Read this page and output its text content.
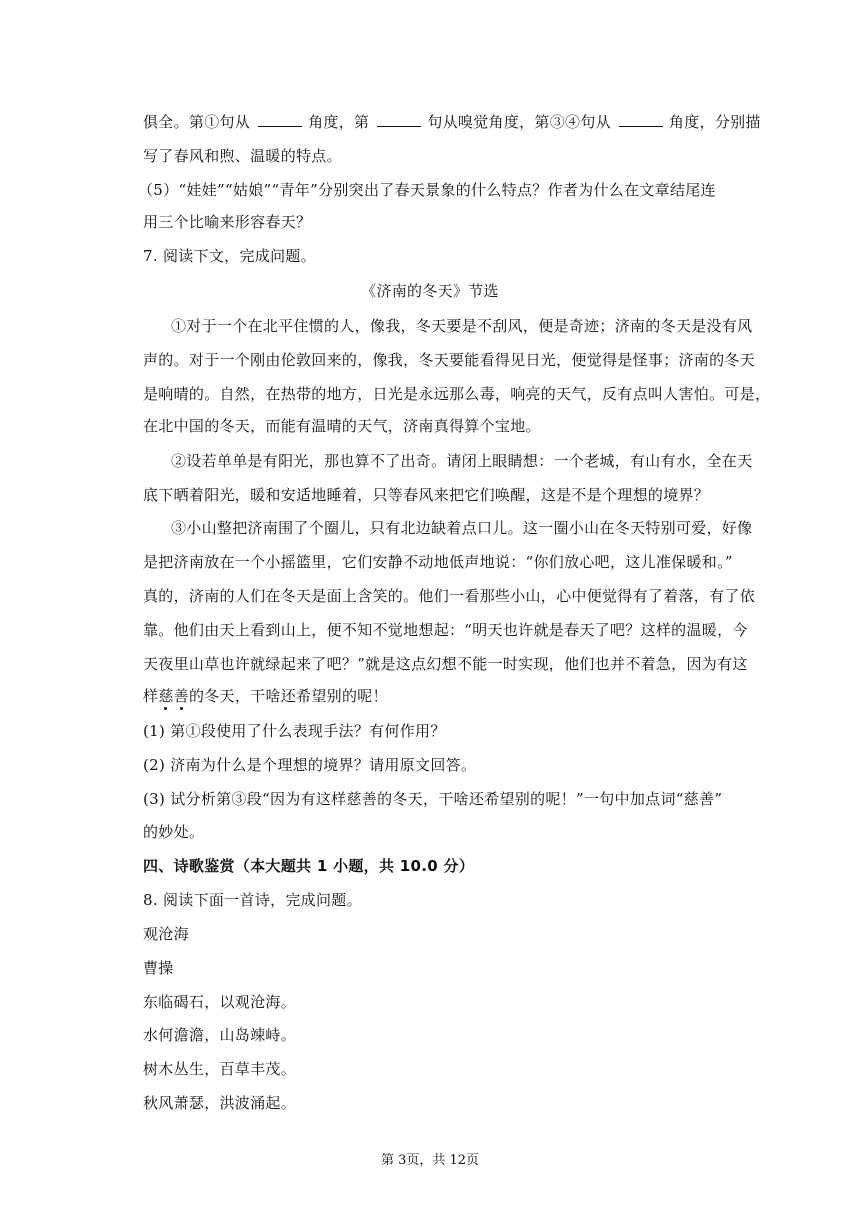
俱全。第①句从	角度，第	句从嗅觉角度，第③④句从	角度，分别描
写了春风和煦、温暖的特点。
（5）“娃娃”“姑娘”“青年”分别突出了春天景象的什么特点？作者为什么在文章结尾连
用三个比喻来形容春天？
7. 阅读下文，完成问题。
《济南的冬天》节选
①对于一个在北平住惯的人，像我，冬天要是不刮风，便是奇迹；济南的冬天是没有风
声的。对于一个刚由伦敦回来的，像我，冬天要能看得见日光，便觉得是怪事；济南的冬天
是响晴的。自然，在热带的地方，日光是永远那么毒，响亮的天气，反有点叫人害怕。可是，
在北中国的冬天，而能有温晴的天气，济南真得算个宝地。
②设若单单是有阳光，那也算不了出奇。请闭上眼睛想：一个老城，有山有水，全在天
底下晒着阳光，暖和安适地睡着，只等春风来把它们唤醒，这是不是个理想的境界？
③小山整把济南围了个圈儿，只有北边缺着点口儿。这一圈小山在冬天特别可爱，好像
是把济南放在一个小摇篮里，它们安静不动地低声地说：“你们放心吧，这儿准保暖和。”
真的，济南的人们在冬天是面上含笑的。他们一看那些小山，心中便觉得有了着落，有了依
靠。他们由天上看到山上，便不知不觉地想起：“明天也许就是春天了吧？这样的温暖，今
天夜里山草也许就绿起来了吧？”就是这点幻想不能一时实现，他们也并不着急，因为有这
样慈善的冬天，干啥还希望别的呢！
(1) 第①段使用了什么表现手法？有何作用？
(2) 济南为什么是个理想的境界？请用原文回答。
(3) 试分析第③段“因为有这样慈善的冬天，干啥还希望别的呢！”一句中加点词“慈善”
的妙处。
四、诗歌鉴赏（本大题共 1 小题，共 10.0 分）
8. 阅读下面一首诗，完成问题。
观沧海
曹操
东临碣石，以观沧海。
水何澹澹，山岛竦峙。
树木丛生，百草丰茂。
秋风萧瑟，洪波涌起。
第 3页，共 12页
